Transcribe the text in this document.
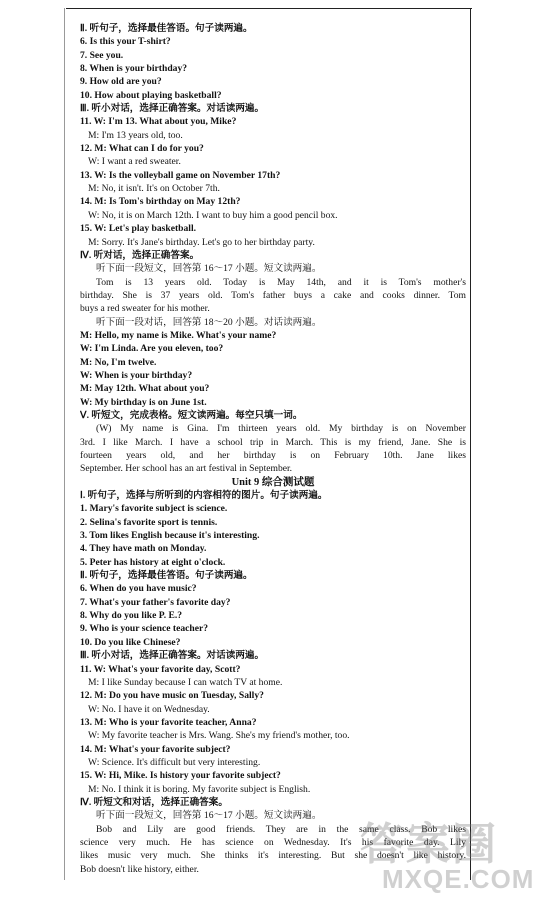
Ⅱ. 听句子，选择最佳答语。句子读两遍。
6. Is this your T-shirt?
7. See you.
8. When is your birthday?
9. How old are you?
10. How about playing basketball?
Ⅲ. 听小对话，选择正确答案。对话读两遍。
11. W: I'm 13. What about you, Mike?
M: I'm 13 years old, too.
12. M: What can I do for you?
W: I want a red sweater.
13. W: Is the volleyball game on November 17th?
M: No, it isn't. It's on October 7th.
14. M: Is Tom's birthday on May 12th?
W: No, it is on March 12th. I want to buy him a good pencil box.
15. W: Let's play basketball.
M: Sorry. It's Jane's birthday. Let's go to her birthday party.
Ⅳ. 听对话，选择正确答案。
听下面一段短文，回答第 16～17 小题。短文读两遍。
Tom is 13 years old. Today is May 14th, and it is Tom's mother's
birthday. She is 37 years old. Tom's father buys a cake and cooks dinner. Tom
buys a red sweater for his mother.
听下面一段对话，回答第 18～20 小题。对话读两遍。
M: Hello, my name is Mike. What's your name?
W: I'm Linda. Are you eleven, too?
M: No, I'm twelve.
W: When is your birthday?
M: May 12th. What about you?
W: My birthday is on June 1st.
Ⅴ. 听短文，完成表格。短文读两遍。每空只填一词。
(W) My name is Gina. I'm thirteen years old. My birthday is on November
3rd. I like March. I have a school trip in March. This is my friend, Jane. She is
fourteen years old, and her birthday is on February 10th. Jane likes
September. Her school has an art festival in September.
Unit 9 综合测试题
Ⅰ. 听句子，选择与所听到的内容相符的图片。句子读两遍。
1. Mary's favorite subject is science.
2. Selina's favorite sport is tennis.
3. Tom likes English because it's interesting.
4. They have math on Monday.
5. Peter has history at eight o'clock.
Ⅱ. 听句子，选择最佳答语。句子读两遍。
6. When do you have music?
7. What's your father's favorite day?
8. Why do you like P. E.?
9. Who is your science teacher?
10. Do you like Chinese?
Ⅲ. 听小对话，选择正确答案。对话读两遍。
11. W: What's your favorite day, Scott?
M: I like Sunday because I can watch TV at home.
12. M: Do you have music on Tuesday, Sally?
W: No. I have it on Wednesday.
13. M: Who is your favorite teacher, Anna?
W: My favorite teacher is Mrs. Wang. She's my friend's mother, too.
14. M: What's your favorite subject?
W: Science. It's difficult but very interesting.
15. W: Hi, Mike. Is history your favorite subject?
M: No. I think it is boring. My favorite subject is English.
Ⅳ. 听短文和对话，选择正确答案。
听下面一段短文，回答第 16～17 小题。短文读两遍。
Bob and Lily are good friends. They are in the same class. Bob likes
science very much. He has science on Wednesday. It's his favorite day. Lily
likes music very much. She thinks it's interesting. But she doesn't like history.
Bob doesn't like history, either.
答案圈
MXQE.COM
